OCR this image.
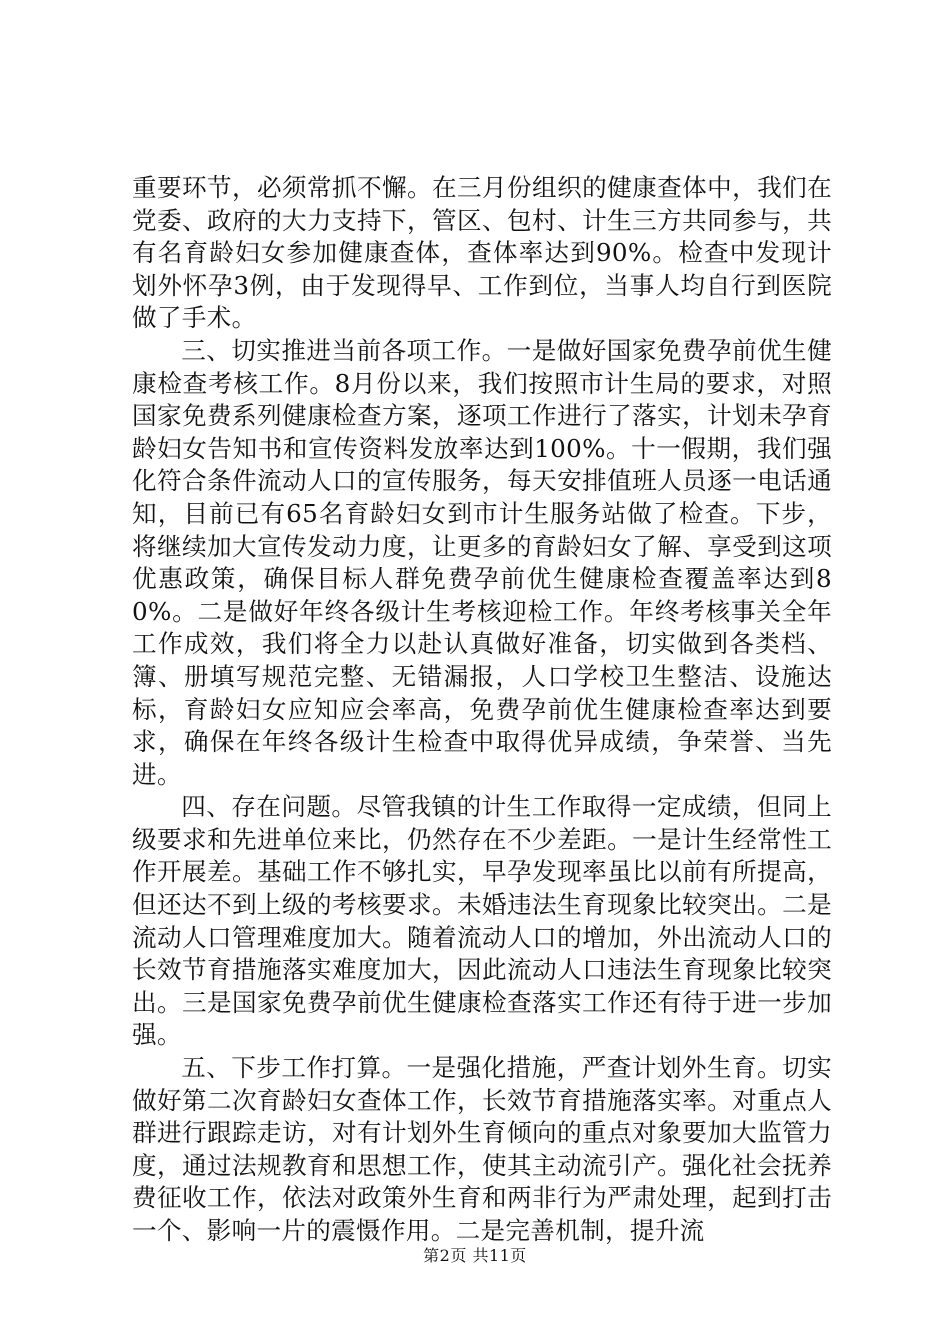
重要环节，必须常抓不懈。在三月份组织的健康查体中，我们在党委、政府的大力支持下，管区、包村、计生三方共同参与，共有名育龄妇女参加健康查体，查体率达到90%。检查中发现计划外怀孕3例，由于发现得早、工作到位，当事人均自行到医院做了手术。

三、切实推进当前各项工作。一是做好国家免费孕前优生健康检查考核工作。8月份以来，我们按照市计生局的要求，对照国家免费系列健康检查方案，逐项工作进行了落实，计划未孕育龄妇女告知书和宣传资料发放率达到100%。十一假期，我们强化符合条件流动人口的宣传服务，每天安排值班人员逐一电话通知，目前已有65名育龄妇女到市计生服务站做了检查。下步，将继续加大宣传发动力度，让更多的育龄妇女了解、享受到这项优惠政策，确保目标人群免费孕前优生健康检查覆盖率达到80%。二是做好年终各级计生考核迎检工作。年终考核事关全年工作成效，我们将全力以赴认真做好准备，切实做到各类档、簿、册填写规范完整、无错漏报，人口学校卫生整洁、设施达标，育龄妇女应知应会率高，免费孕前优生健康检查率达到要求，确保在年终各级计生检查中取得优异成绩，争荣誉、当先进。

四、存在问题。尽管我镇的计生工作取得一定成绩，但同上级要求和先进单位来比，仍然存在不少差距。一是计生经常性工作开展差。基础工作不够扎实，早孕发现率虽比以前有所提高，但还达不到上级的考核要求。未婚违法生育现象比较突出。二是流动人口管理难度加大。随着流动人口的增加，外出流动人口的长效节育措施落实难度加大，因此流动人口违法生育现象比较突出。三是国家免费孕前优生健康检查落实工作还有待于进一步加强。

五、下步工作打算。一是强化措施，严查计划外生育。切实做好第二次育龄妇女查体工作，长效节育措施落实率。对重点人群进行跟踪走访，对有计划外生育倾向的重点对象要加大监管力度，通过法规教育和思想工作，使其主动流引产。强化社会抚养费征收工作，依法对政策外生育和两非行为严肃处理，起到打击一个、影响一片的震慑作用。二是完善机制，提升流

第2页 共11页
